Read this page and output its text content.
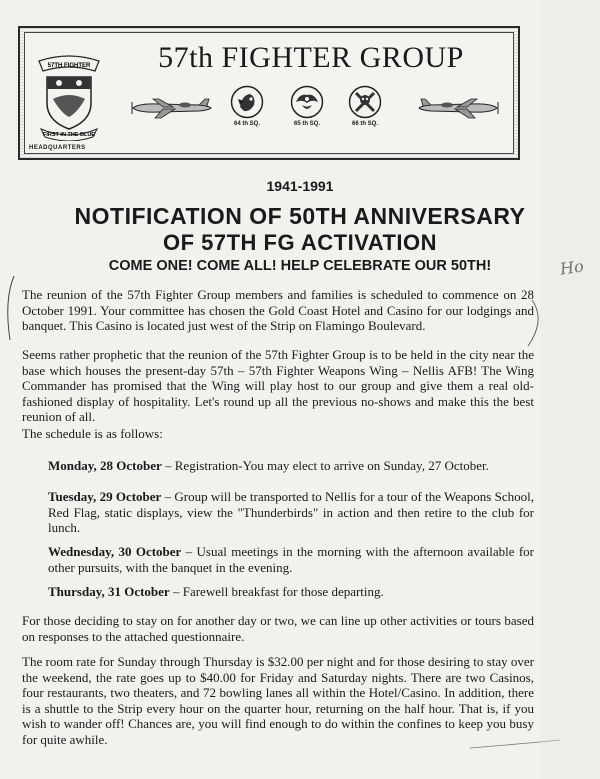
57th FIGHTER GROUP
57TH FIGHTER
FIRST IN THE BLUE
HEADQUARTERS
64 th SQ.	65 th SQ.	66 th SQ.
1941-1991
NOTIFICATION OF 50TH ANNIVERSARY
OF 57TH FG ACTIVATION
COME ONE! COME ALL! HELP CELEBRATE OUR 50TH!

The reunion of the 57th Fighter Group members and families is scheduled to commence on 28 October 1991. Your committee has chosen the Gold Coast Hotel and Casino for our lodgings and banquet. This Casino is located just west of the Strip on Flamingo Boulevard.

Seems rather prophetic that the reunion of the 57th Fighter Group is to be held in the city near the base which houses the present-day 57th – 57th Fighter Weapons Wing – Nellis AFB! The Wing Commander has promised that the Wing will play host to our group and give them a real old-fashioned display of hospitality. Let's round up all the previous no-shows and make this the best reunion of all.

The schedule is as follows:

Monday, 28 October – Registration-You may elect to arrive on Sunday, 27 October.

Tuesday, 29 October – Group will be transported to Nellis for a tour of the Weapons School, Red Flag, static displays, view the "Thunderbirds" in action and then retire to the club for lunch.

Wednesday, 30 October – Usual meetings in the morning with the afternoon available for other pursuits, with the banquet in the evening.

Thursday, 31 October – Farewell breakfast for those departing.

For those deciding to stay on for another day or two, we can line up other activities or tours based on responses to the attached questionnaire.

The room rate for Sunday through Thursday is $32.00 per night and for those desiring to stay over the weekend, the rate goes up to $40.00 for Friday and Saturday nights. There are two Casinos, four restaurants, two theaters, and 72 bowling lanes all within the Hotel/Casino. In addition, there is a shuttle to the Strip every hour on the quarter hour, returning on the half hour. That is, if you wish to wander off! Chances are, you will find enough to do within the confines to keep you busy for quite awhile.

Ho
